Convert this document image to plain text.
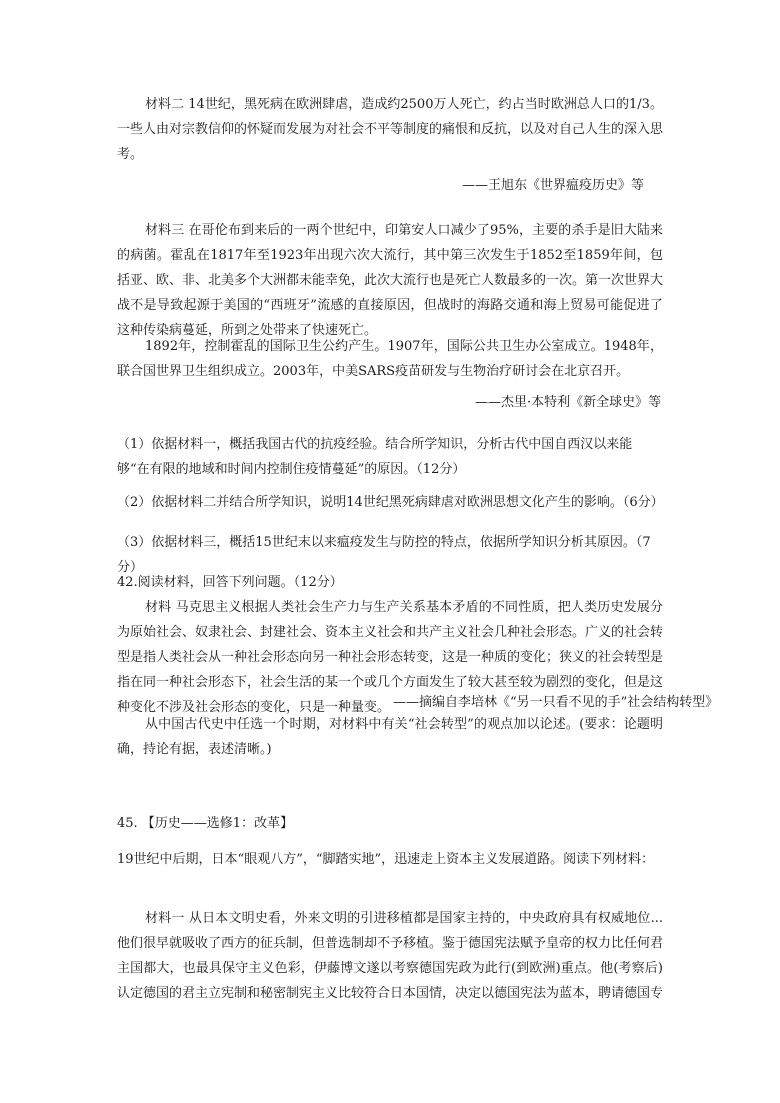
材料二 14世纪，黑死病在欧洲肆虐，造成约2500万人死亡，约占当时欧洲总人口的1/3。一些人由对宗教信仰的怀疑而发展为对社会不平等制度的痛恨和反抗，以及对自己人生的深入思考。

——王旭东《世界瘟疫历史》等

材料三 在哥伦布到来后的一两个世纪中，印第安人口减少了95%，主要的杀手是旧大陆来的病菌。霍乱在1817年至1923年出现六次大流行，其中第三次发生于1852至1859年间，包括亚、欧、非、北美多个大洲都未能幸免，此次大流行也是死亡人数最多的一次。第一次世界大战不是导致起源于美国的“西班牙”流感的直接原因，但战时的海路交通和海上贸易可能促进了这种传染病蔓延，所到之处带来了快速死亡。

1892年，控制霍乱的国际卫生公约产生。1907年，国际公共卫生办公室成立。1948年，联合国世界卫生组织成立。2003年，中美SARS疫苗研发与生物治疗研讨会在北京召开。

——杰里·本特利《新全球史》等

（1）依据材料一，概括我国古代的抗疫经验。结合所学知识，分析古代中国自西汉以来能够“在有限的地域和时间内控制住疫情蔓延”的原因。（12分）

（2）依据材料二并结合所学知识，说明14世纪黑死病肆虐对欧洲思想文化产生的影响。（6分）

（3）依据材料三，概括15世纪末以来瘟疫发生与防控的特点，依据所学知识分析其原因。（7分）

42.阅读材料，回答下列问题。（12分）

材料 马克思主义根据人类社会生产力与生产关系基本矛盾的不同性质，把人类历史发展分为原始社会、奴隶社会、封建社会、资本主义社会和共产主义社会几种社会形态。广义的社会转型是指人类社会从一种社会形态向另一种社会形态转变，这是一种质的变化；狭义的社会转型是指在同一种社会形态下，社会生活的某一个或几个方面发生了较大甚至较为剧烈的变化，但是这种变化不涉及社会形态的变化，只是一种量变。 ——摘编自李培林《“另一只看不见的手”社会结构转型》

从中国古代史中任选一个时期，对材料中有关“社会转型”的观点加以论述。(要求：论题明确，持论有据，表述清晰。)

45. 【历史——选修1：改革】

19世纪中后期，日本“眼观八方”，“脚踏实地”，迅速走上资本主义发展道路。阅读下列材料：

材料一 从日本文明史看，外来文明的引进移植都是国家主持的，中央政府具有权威地位...他们很早就吸收了西方的征兵制，但普选制却不予移植。鉴于德国宪法赋予皇帝的权力比任何君主国都大，也最具保守主义色彩，伊藤博文遂以考察德国宪政为此行(到欧洲)重点。他(考察后)认定德国的君主立宪制和秘密制宪主义比较符合日本国情，决定以德国宪法为蓝本，聘请德国专
